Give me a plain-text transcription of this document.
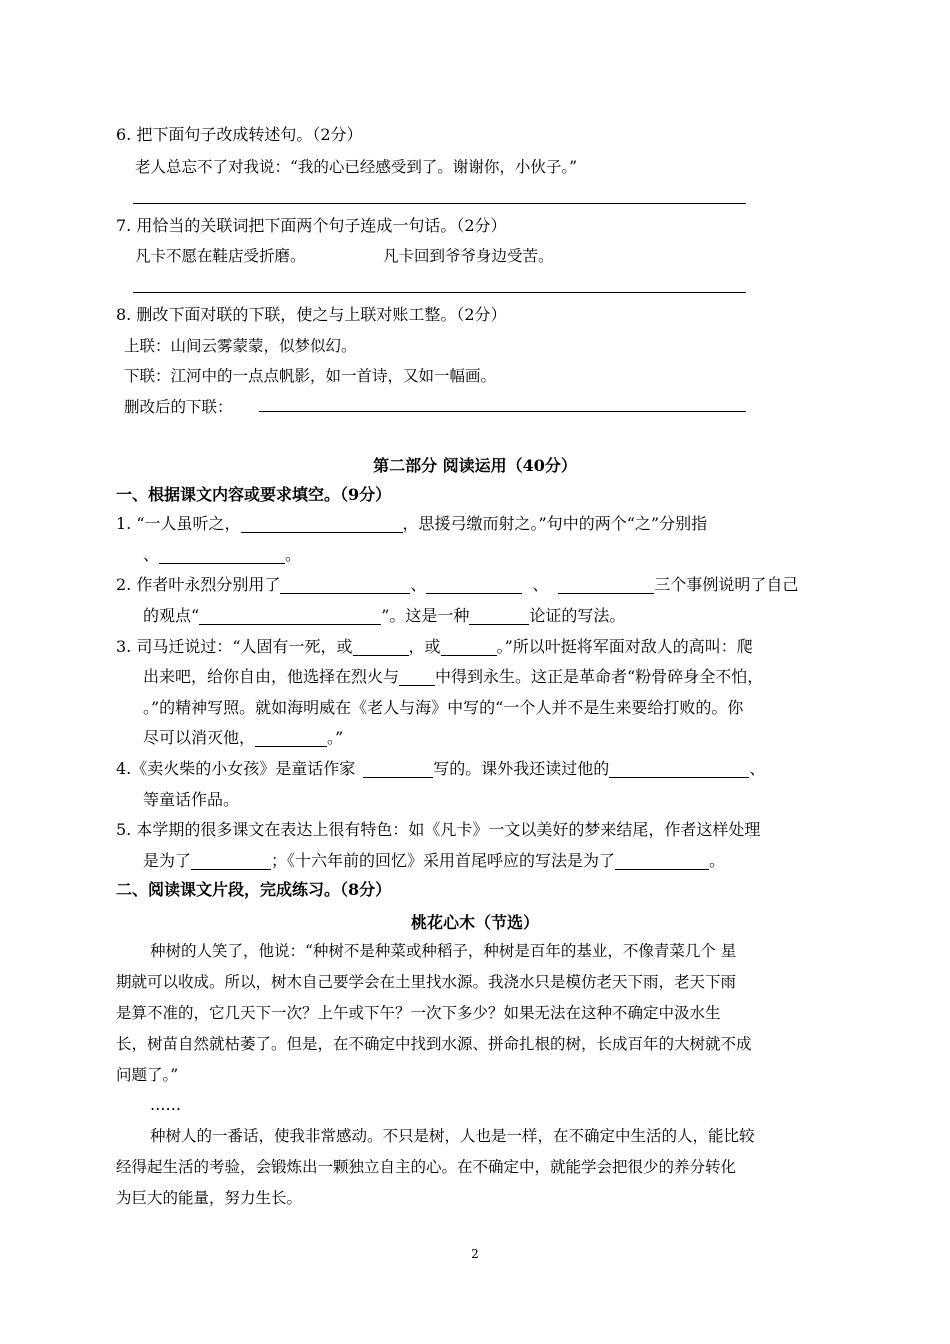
6. 把下面句子改成转述句。（2分）
老人总忘不了对我说：“我的心已经感受到了。谢谢你，小伙子。”
7. 用恰当的关联词把下面两个句子连成一句话。（2分）
凡卡不愿在鞋店受折磨。	凡卡回到爷爷身边受苦。
8. 删改下面对联的下联，使之与上联对账工整。（2分）
上联：山间云雾蒙蒙，似梦似幻。
下联：江河中的一点点帆影，如一首诗，又如一幅画。
删改后的下联：
第二部分 阅读运用（40分）
一、根据课文内容或要求填空。（9分）
1. “一人虽听之，	，思援弓缴而射之。”句中的两个“之”分别指
、	。
2. 作者叶永烈分别用了	、	、	三个事例说明了自己
的观点“	”。这是一种	论证的写法。
3. 司马迁说过：“人固有一死，或	，或	。”所以叶挺将军面对敌人的高叫：爬
出来吧，给你自由，他选择在烈火与 中得到永生。这正是革命者“粉骨碎身全不怕，
。”的精神写照。就如海明威在《老人与海》中写的“一个人并不是生来要给打败的。你
尽可以消灭他，	。”
4.《卖火柴的小女孩》是童话作家	写的。课外我还读过他的	、
等童话作品。
5. 本学期的很多课文在表达上很有特色：如《凡卡》一文以美好的梦来结尾，作者这样处理
是为了	；《十六年前的回忆》采用首尾呼应的写法是为了	。
二、阅读课文片段，完成练习。（8分）
桃花心木（节选）
种树的人笑了，他说：“种树不是种菜或种稻子，种树是百年的基业，不像青菜几个 星
期就可以收成。所以，树木自己要学会在土里找水源。我浇水只是模仿老天下雨，老天下雨
是算不准的，它几天下一次？上午或下午？一次下多少？如果无法在这种不确定中汲水生
长，树苗自然就枯萎了。但是，在不确定中找到水源、拼命扎根的树，长成百年的大树就不成
问题了。”
……
种树人的一番话，使我非常感动。不只是树，人也是一样，在不确定中生活的人，能比较
经得起生活的考验，会锻炼出一颗独立自主的心。在不确定中，就能学会把很少的养分转化
为巨大的能量，努力生长。
2
